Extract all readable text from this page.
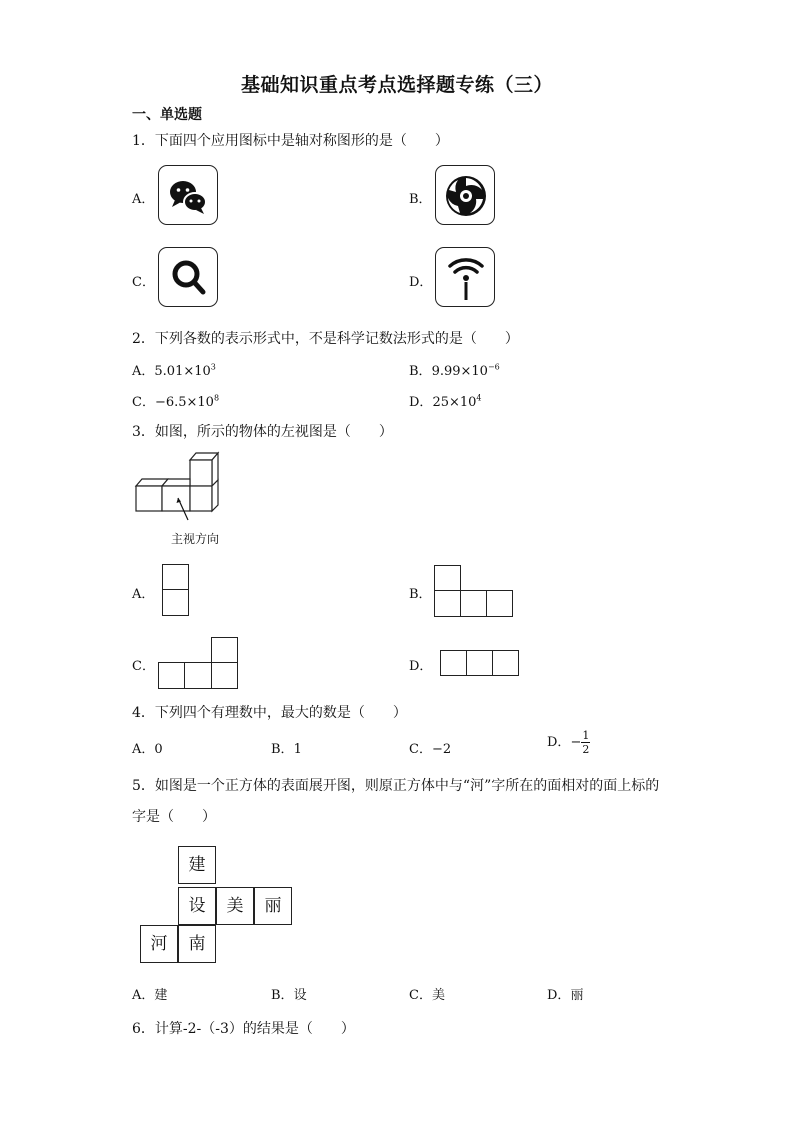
基础知识重点考点选择题专练（三）
一、单选题
1．下面四个应用图标中是轴对称图形的是（　　）
A．	B．
C．	D．
2．下列各数的表示形式中，不是科学记数法形式的是（　　）
A．$5.01\times 10^3$	B．$9.99\times 10^{-6}$
C．$-6.5\times 10^8$	D．$25\times 10^4$
3．如图，所示的物体的左视图是（　　）
主视方向
A．	B．
C．	D．
4．下列四个有理数中，最大的数是（　　）
A．0	B．1	C．−2	D．− $\frac{1}{2}$
5．如图是一个正方体的表面展开图，则原正方体中与“河”字所在的面相对的面上标的
字是（　　）
建
设	美	丽
河	南
A．建	B．设	C．美	D．丽
6．计算-2-（-3）的结果是（　　）
